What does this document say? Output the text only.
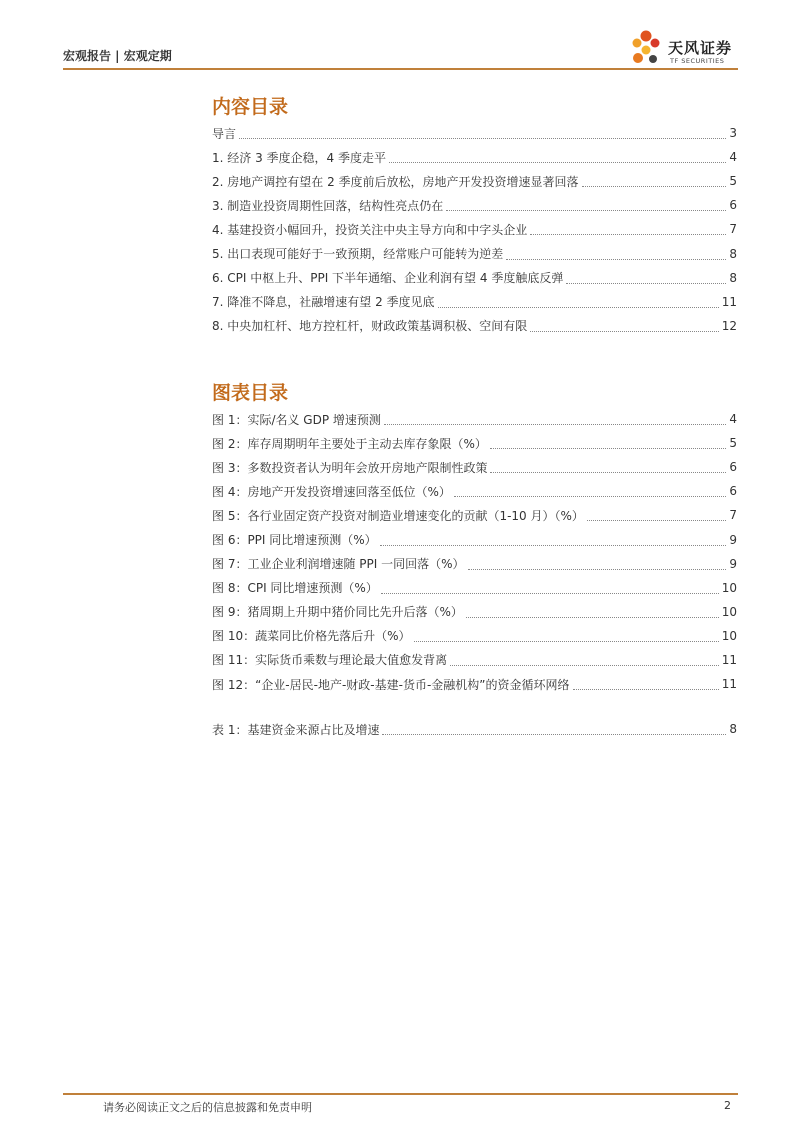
宏观报告 | 宏观定期	天风证券
TF SECURITIES
内容目录
导言	3
1. 经济 3 季度企稳，4 季度走平	4
2. 房地产调控有望在 2 季度前后放松，房地产开发投资增速显著回落	5
3. 制造业投资周期性回落，结构性亮点仍在	6
4. 基建投资小幅回升，投资关注中央主导方向和中字头企业	7
5. 出口表现可能好于一致预期，经常账户可能转为逆差	8
6. CPI 中枢上升、PPI 下半年通缩、企业利润有望 4 季度触底反弹	8
7. 降准不降息，社融增速有望 2 季度见底	11
8. 中央加杠杆、地方控杠杆，财政政策基调积极、空间有限	12
图表目录
图 1：实际/名义 GDP 增速预测	4
图 2：库存周期明年主要处于主动去库存象限（%）	5
图 3：多数投资者认为明年会放开房地产限制性政策	6
图 4：房地产开发投资增速回落至低位（%）	6
图 5：各行业固定资产投资对制造业增速变化的贡献（1-10 月）（%）	7
图 6：PPI 同比增速预测（%）	9
图 7：工业企业利润增速随 PPI 一同回落（%）	9
图 8：CPI 同比增速预测（%）	10
图 9：猪周期上升期中猪价同比先升后落（%）	10
图 10：蔬菜同比价格先落后升（%）	10
图 11：实际货币乘数与理论最大值愈发背离	11
图 12：“企业-居民-地产-财政-基建-货币-金融机构”的资金循环网络	11
表 1：基建资金来源占比及增速	8
请务必阅读正文之后的信息披露和免责申明	2
